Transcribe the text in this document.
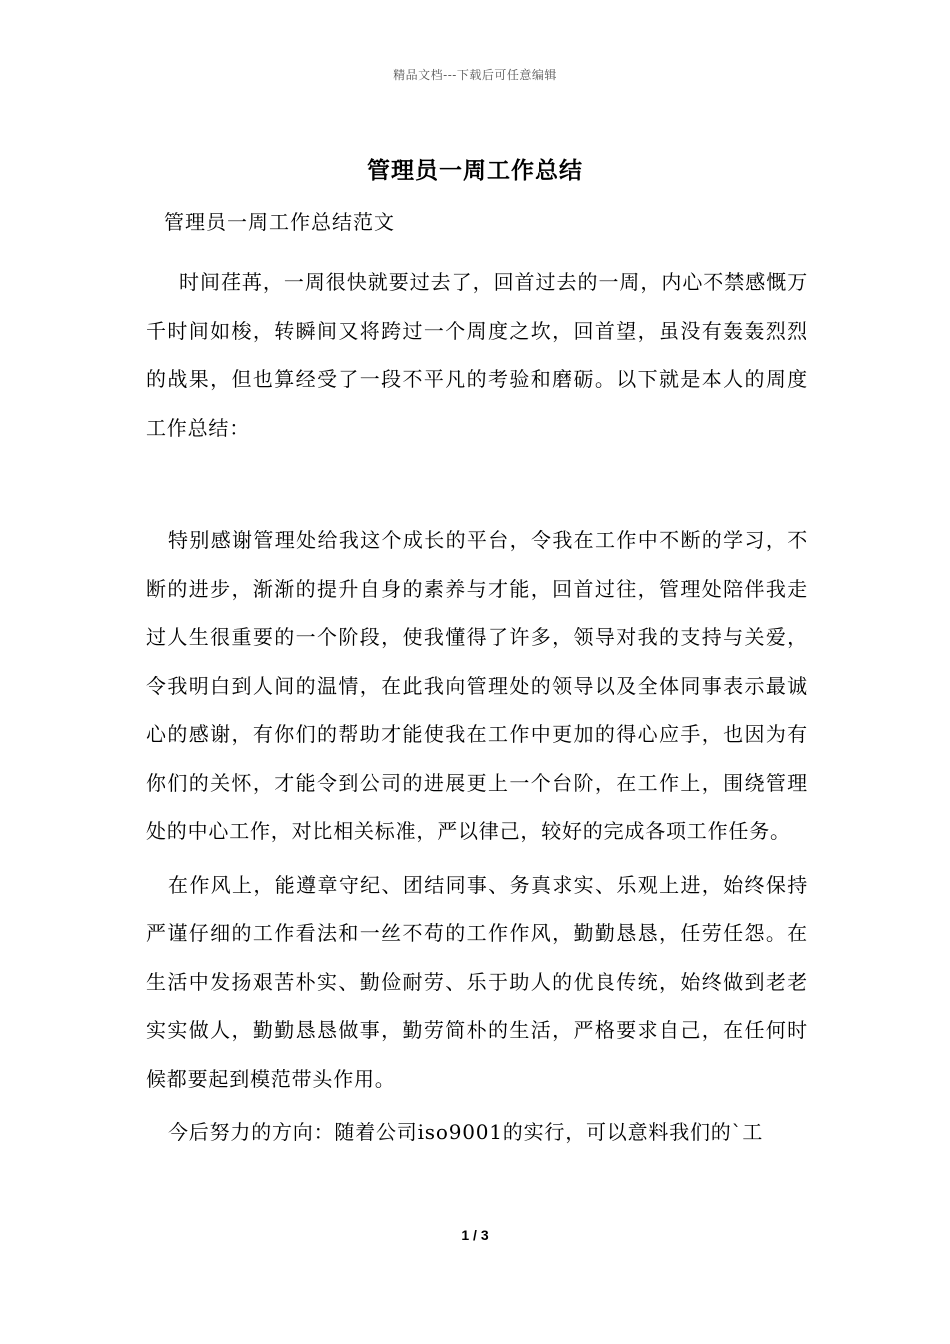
精品文档---下载后可任意编辑
管理员一周工作总结

管理员一周工作总结范文

时间荏苒，一周很快就要过去了，回首过去的一周，内心不禁感慨万千时间如梭，转瞬间又将跨过一个周度之坎，回首望，虽没有轰轰烈烈的战果，但也算经受了一段不平凡的考验和磨砺。以下就是本人的周度工作总结：

特别感谢管理处给我这个成长的平台，令我在工作中不断的学习，不断的进步，渐渐的提升自身的素养与才能，回首过往，管理处陪伴我走过人生很重要的一个阶段，使我懂得了许多，领导对我的支持与关爱，令我明白到人间的温情，在此我向管理处的领导以及全体同事表示最诚心的感谢，有你们的帮助才能使我在工作中更加的得心应手，也因为有你们的关怀，才能令到公司的进展更上一个台阶，在工作上，围绕管理处的中心工作，对比相关标准，严以律己，较好的完成各项工作任务。

在作风上，能遵章守纪、团结同事、务真求实、乐观上进，始终保持严谨仔细的工作看法和一丝不苟的工作作风，勤勤恳恳，任劳任怨。在生活中发扬艰苦朴实、勤俭耐劳、乐于助人的优良传统，始终做到老老实实做人，勤勤恳恳做事，勤劳简朴的生活，严格要求自己，在任何时候都要起到模范带头作用。

今后努力的方向：随着公司iso9001的实行，可以意料我们的`工

1 / 3
